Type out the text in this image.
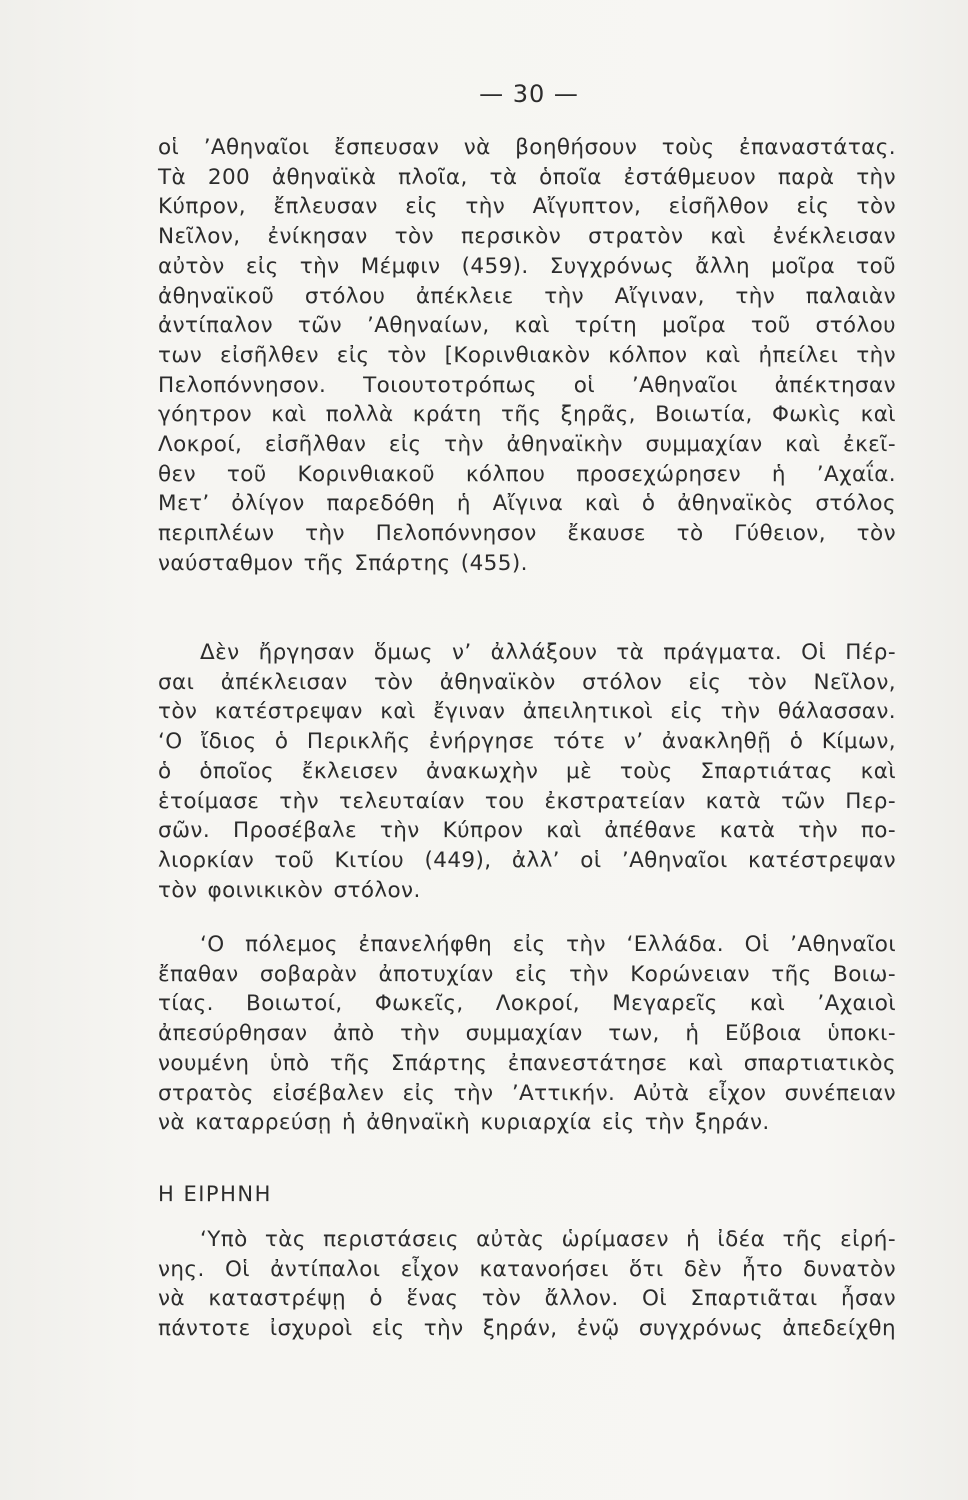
— 30 —
οἱ ’Αθηναῖοι ἔσπευσαν νὰ βοηθήσουν τοὺς ἐπαναστάτας.
Τὰ 200 ἀθηναϊκὰ πλοῖα, τὰ ὁποῖα ἐστάθμευον παρὰ τὴν
Κύπρον, ἔπλευσαν εἰς τὴν Αἴγυπτον, εἰσῆλθον εἰς τὸν
Νεῖλον, ἐνίκησαν τὸν περσικὸν στρατὸν καὶ ἐνέκλεισαν
αὐτὸν εἰς τὴν Μέμφιν (459). Συγχρόνως ἄλλη μοῖρα τοῦ
ἀθηναϊκοῦ στόλου ἀπέκλειε τὴν Αἴγιναν, τὴν παλαιὰν
ἀντίπαλον τῶν ’Αθηναίων, καὶ τρίτη μοῖρα τοῦ στόλου
των εἰσῆλθεν εἰς τὸν [Κορινθιακὸν κόλπον καὶ ἠπείλει τὴν
Πελοπόννησον. Τοιουτοτρόπως οἱ ’Αθηναῖοι ἀπέκτησαν
γόητρον καὶ πολλὰ κράτη τῆς ξηρᾶς, Βοιωτία, Φωκὶς καὶ
Λοκροί, εἰσῆλθαν εἰς τὴν ἀθηναϊκὴν συμμαχίαν καὶ ἐκεῖ-
θεν τοῦ Κορινθιακοῦ κόλπου προσεχώρησεν ἡ ’Αχαΐα.
Μετ’ ὀλίγον παρεδόθη ἡ Αἴγινα καὶ ὁ ἀθηναϊκὸς στόλος
περιπλέων τὴν Πελοπόννησον ἔκαυσε τὸ Γύθειον, τὸν
ναύσταθμον τῆς Σπάρτης (455).
Δὲν ἤργησαν ὅμως ν’ ἀλλάξουν τὰ πράγματα. Οἱ Πέρ-
σαι ἀπέκλεισαν τὸν ἀθηναϊκὸν στόλον εἰς τὸν Νεῖλον,
τὸν κατέστρεψαν καὶ ἔγιναν ἀπειλητικοὶ εἰς τὴν θάλασσαν.
‘Ο ἴδιος ὁ Περικλῆς ἐνήργησε τότε ν’ ἀνακληθῇ ὁ Κίμων,
ὁ ὁποῖος ἔκλεισεν ἀνακωχὴν μὲ τοὺς Σπαρτιάτας καὶ
ἑτοίμασε τὴν τελευταίαν του ἐκστρατείαν κατὰ τῶν Περ-
σῶν. Προσέβαλε τὴν Κύπρον καὶ ἀπέθανε κατὰ τὴν πο-
λιορκίαν τοῦ Κιτίου (449), ἀλλ’ οἱ ’Αθηναῖοι κατέστρεψαν
τὸν φοινικικὸν στόλον.
‘Ο πόλεμος ἐπανελήφθη εἰς τὴν ‘Ελλάδα. Οἱ ’Αθηναῖοι
ἔπαθαν σοβαρὰν ἀποτυχίαν εἰς τὴν Κορώνειαν τῆς Βοιω-
τίας. Βοιωτοί, Φωκεῖς, Λοκροί, Μεγαρεῖς καὶ ’Αχαιοὶ
ἀπεσύρθησαν ἀπὸ τὴν συμμαχίαν των, ἡ Εὔβοια ὑποκι-
νουμένη ὑπὸ τῆς Σπάρτης ἐπανεστάτησε καὶ σπαρτιατικὸς
στρατὸς εἰσέβαλεν εἰς τὴν ’Αττικήν. Αὐτὰ εἶχον συνέπειαν
νὰ καταρρεύσῃ ἡ ἀθηναϊκὴ κυριαρχία εἰς τὴν ξηράν.
Η ΕΙΡΗΝΗ
‘Υπὸ τὰς περιστάσεις αὐτὰς ὡρίμασεν ἡ ἰδέα τῆς εἰρή-
νης. Οἱ ἀντίπαλοι εἶχον κατανοήσει ὅτι δὲν ἦτο δυνατὸν
νὰ καταστρέψῃ ὁ ἕνας τὸν ἄλλον. Οἱ Σπαρτιᾶται ἦσαν
πάντοτε ἰσχυροὶ εἰς τὴν ξηράν, ἐνῷ συγχρόνως ἀπεδείχθη
